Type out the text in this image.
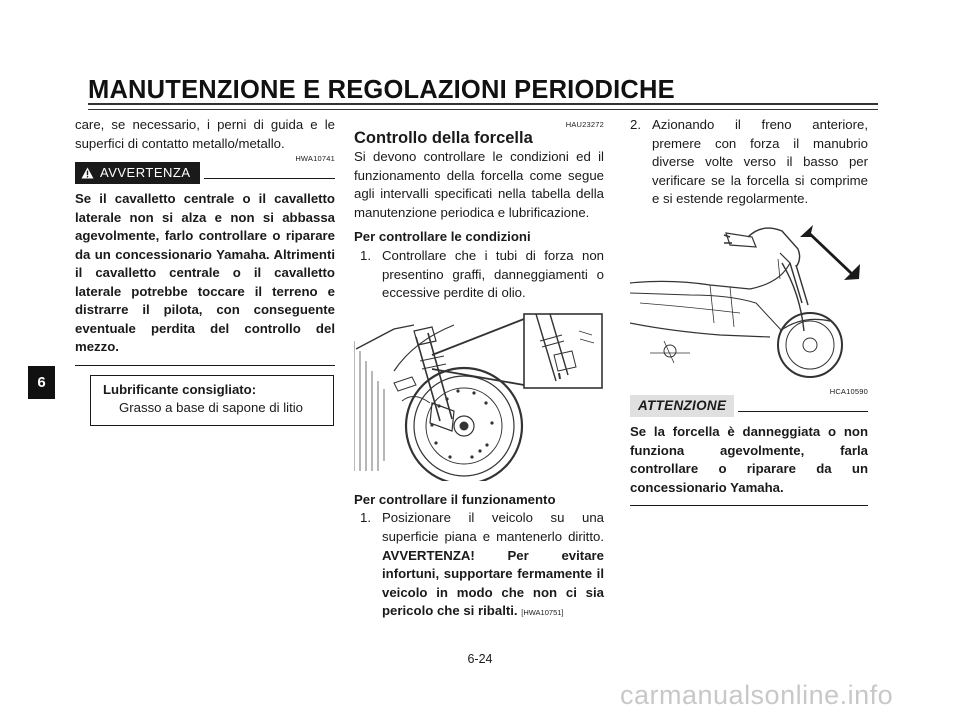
MANUTENZIONE E REGOLAZIONI PERIODICHE
6
care, se necessario, i perni di guida e le superfici di contatto metallo/metallo.
HWA10741
AVVERTENZA
Se il cavalletto centrale o il cavalletto laterale non si alza e non si abbassa agevolmente, farlo controllare o riparare da un concessionario Yamaha. Altrimenti il cavalletto centrale o il cavalletto laterale potrebbe toccare il terreno e distrarre il pilota, con conseguente eventuale perdita del controllo del mezzo.
Lubrificante consigliato:
Grasso a base di sapone di litio
HAU23272
Controllo della forcella
Si devono controllare le condizioni ed il funzionamento della forcella come segue agli intervalli specificati nella tabella della manutenzione periodica e lubrificazione.
Per controllare le condizioni
1. Controllare che i tubi di forza non presentino graffi, danneggiamenti o eccessive perdite di olio.
Per controllare il funzionamento
1. Posizionare il veicolo su una superficie piana e mantenerlo diritto. AVVERTENZA! Per evitare infortuni, supportare fermamente il veicolo in modo che non ci sia pericolo che si ribalti. [HWA10751]
2. Azionando il freno anteriore, premere con forza il manubrio diverse volte verso il basso per verificare se la forcella si comprime e si estende regolarmente.
HCA10590
ATTENZIONE
Se la forcella è danneggiata o non funziona agevolmente, farla controllare o riparare da un concessionario Yamaha.
6-24
carmanualsonline.info
